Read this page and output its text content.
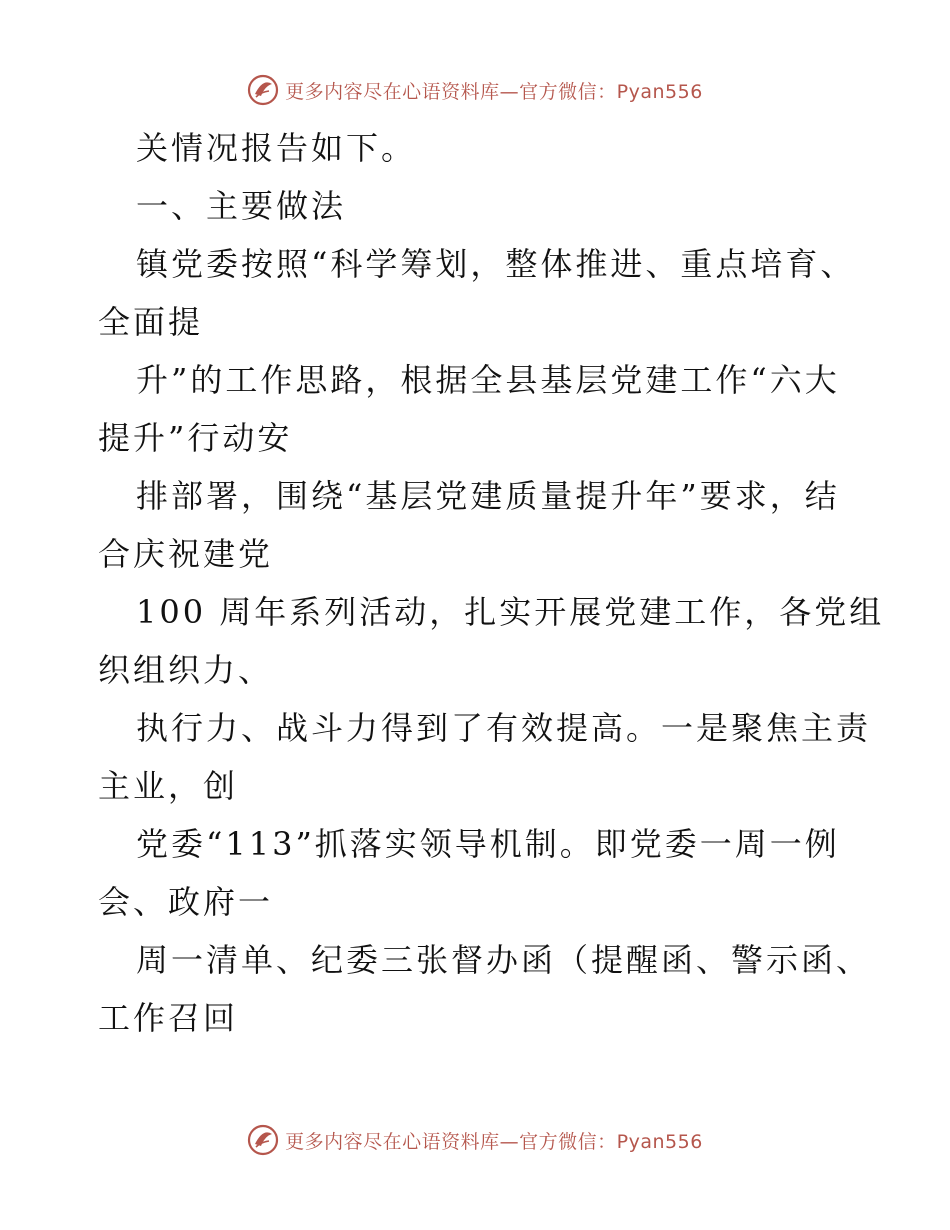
更多内容尽在心语资料库—官方微信：Pyan556
关情况报告如下。
一、主要做法
镇党委按照“科学筹划，整体推进、重点培育、
全面提
升”的工作思路，根据全县基层党建工作“六大
提升”行动安
排部署，围绕“基层党建质量提升年”要求，结
合庆祝建党
100 周年系列活动，扎实开展党建工作，各党组
织组织力、
执行力、战斗力得到了有效提高。一是聚焦主责
主业，创
党委“113”抓落实领导机制。即党委一周一例
会、政府一
周一清单、纪委三张督办函（提醒函、警示函、
工作召回
更多内容尽在心语资料库—官方微信：Pyan556
